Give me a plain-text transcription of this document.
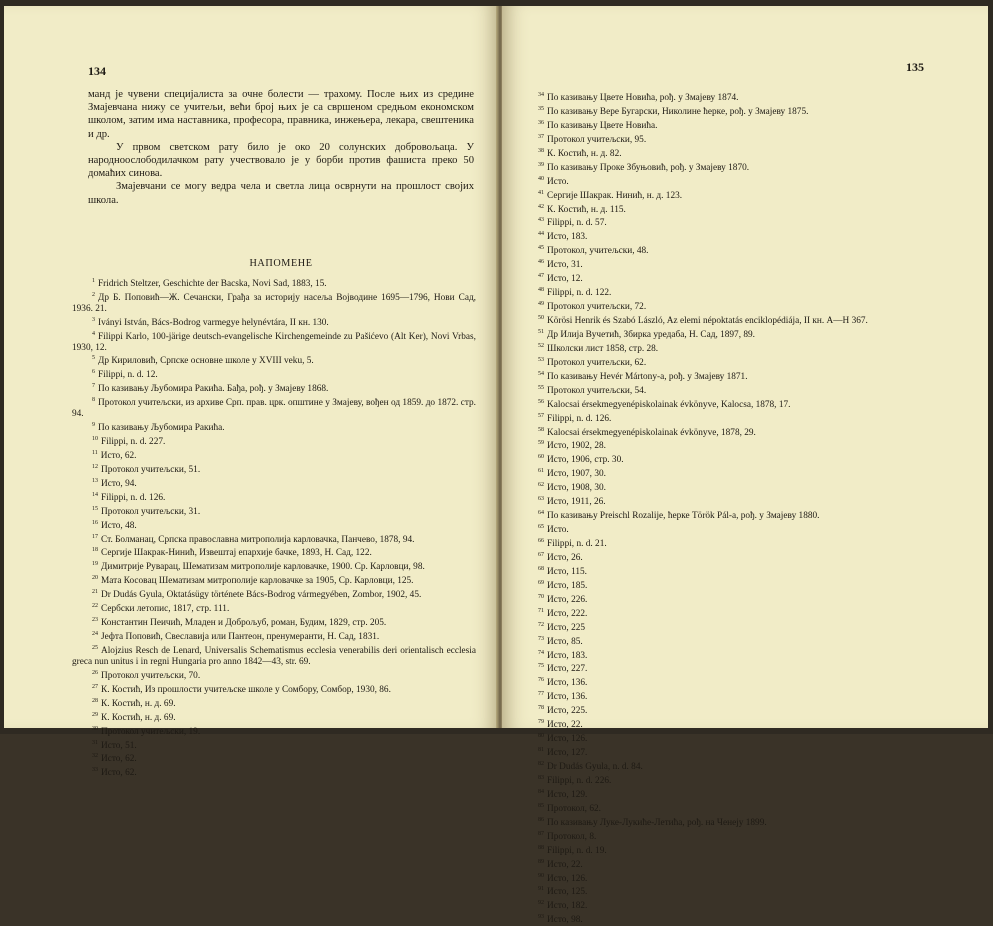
134

манд је чувени специјалиста за очне болести — трахому. После њих из средине Змајевчана нижу се учитељи, већи број њих је са свршеном средњом економском школом, затим има наставника, професора, правника, инжењера, лекара, свештеника и др.

У првом светском рату било је око 20 солунских добровољаца. У народноослободилачком рату учествовало је у борби против фашиста преко 50 домаћих синова.

Змајевчани се могу ведра чела и светла лица осврнути на прошлост својих школа.

НАПОМЕНЕ
$^1$ Fridrich Steltzer, Geschichte der Bacska, Novi Sad, 1883, 15.
$^2$ Др Б. Поповић—Ж. Сечански, Грађа за историју насеља Војводине 1695—1796, Нови Сад, 1936. 21.
$^3$ Iványi István, Bács-Bodrog varmegye helynévtára, II кн. 130.
$^4$ Filippi Karlo, 100-järige deutsch-evangelische Kirchengemeinde zu Pašićevo (Alt Ker), Novi Vrbas, 1930, 12.
$^5$ Др Кириловић, Српске основне школе у XVIII veku, 5.
$^6$ Filippi, n. d. 12.
$^7$ По казивању Љубомира Ракића. Бађа, рођ. у Змајеву 1868.
$^8$ Протокол учитељски, из архиве Срп. прав. црк. општине у Змајеву, вођен од 1859. до 1872. стр. 94.
$^9$ По казивању Љубомира Ракића.
$^{10}$ Filippi, n. d. 227.
$^{11}$ Исто, 62.
$^{12}$ Протокол учитељски, 51.
$^{13}$ Исто, 94.
$^{14}$ Filippi, n. d. 126.
$^{15}$ Протокол учитељски, 31.
$^{16}$ Исто, 48.
$^{17}$ Ст. Болманац, Српска православна митрополија карловачка, Панчево, 1878, 94.
$^{18}$ Сергије Шакрак-Нинић, Извештај епархије бачке, 1893, Н. Сад, 122.
$^{19}$ Димитрије Руварац, Шематизам митрополије карловачке, 1900. Ср. Карловци, 98.
$^{20}$ Мата Косовац Шематизам митрополије карловачке за 1905, Ср. Карловци, 125.
$^{21}$ Dr Dudás Gyula, Oktatásügy története Bács-Bodrog vármegyében, Zombor, 1902, 45.
$^{22}$ Сербски летопис, 1817, стр. 111.
$^{23}$ Константин Пеичић, Младен и Доброљуб, роман, Будим, 1829, стр. 205.
$^{24}$ Јефта Поповић, Свеславија или Пантеон, пренумеранти, Н. Сад, 1831.
$^{25}$ Alojzius Resch de Lenard, Universalis Schematismus ecclesia venerabilis deri orientalisch ecclesia greca nun unitus i in regni Hungaria pro anno 1842—43, str. 69.
$^{26}$ Протокол учитељски, 70.
$^{27}$ К. Костић, Из прошлости учитељске школе у Сомбору, Сомбор, 1930, 86.
$^{28}$ К. Костић, н. д. 69.
$^{29}$ К. Костић, н. д. 69.
$^{30}$ Протокол учитељски, 19.
$^{31}$ Исто, 51.
$^{32}$ Исто, 62.
$^{33}$ Исто, 62.
135
$^{34}$ По казивању Цвете Новића, рођ. у Змајеву 1874.
$^{35}$ По казивању Вере Бугарски, Николине ћерке, рођ. у Змајеву 1875.
$^{36}$ По казивању Цвете Новића.
$^{37}$ Протокол учитељски, 95.
$^{38}$ К. Костић, н. д. 82.
$^{39}$ По казивању Проке Збуњовић, рођ. у Змајеву 1870.
$^{40}$ Исто.
$^{41}$ Сергије Шакрак. Нинић, н. д. 123.
$^{42}$ К. Костић, н. д. 115.
$^{43}$ Filippi, n. d. 57.
$^{44}$ Исто, 183.
$^{45}$ Протокол, учитељски, 48.
$^{46}$ Исто, 31.
$^{47}$ Исто, 12.
$^{48}$ Filippi, n. d. 122.
$^{49}$ Протокол учитељски, 72.
$^{50}$ Körösi Henrik és Szabó László, Az elemi népoktatás enciklopédiája, II кн. А—Н 367.
$^{51}$ Др Илија Вучетић, Збирка уредаба, Н. Сад, 1897, 89.
$^{52}$ Школски лист 1858, стр. 28.
$^{53}$ Протокол учитељски, 62.
$^{54}$ По казивању Hevér Mártony-a, рођ. у Змајеву 1871.
$^{55}$ Протокол учитељски, 54.
$^{56}$ Kalocsai érsekmegyenépiskolainak évkönyve, Kalocsa, 1878, 17.
$^{57}$ Filippi, n. d. 126.
$^{58}$ Kalocsai érsekmegyenépiskolainak évkönyve, 1878, 29.
$^{59}$ Исто, 1902, 28.
$^{60}$ Исто, 1906, стр. 30.
$^{61}$ Исто, 1907, 30.
$^{62}$ Исто, 1908, 30.
$^{63}$ Исто, 1911, 26.
$^{64}$ По казивању Preischl Rozalije, ћерке Török Pál-a, рођ. у Змајеву 1880.
$^{65}$ Исто.
$^{66}$ Filippi, n. d. 21.
$^{67}$ Исто, 26.
$^{68}$ Исто, 115.
$^{69}$ Исто, 185.
$^{70}$ Исто, 226.
$^{71}$ Исто, 222.
$^{72}$ Исто, 225
$^{73}$ Исто, 85.
$^{74}$ Исто, 183.
$^{75}$ Исто, 227.
$^{76}$ Исто, 136.
$^{77}$ Исто, 136.
$^{78}$ Исто, 225.
$^{79}$ Исто, 22.
$^{80}$ Исто, 126.
$^{81}$ Исто, 127.
$^{82}$ Dr Dudás Gyula, n. d. 84.
$^{83}$ Filippi, n. d. 226.
$^{84}$ Исто, 129.
$^{85}$ Протокол, 62.
$^{86}$ По казивању Луке-Лукиће-Летића, рођ. на Ченеју 1899.
$^{87}$ Протокол, 8.
$^{88}$ Filippi, n. d. 19.
$^{89}$ Исто, 22.
$^{90}$ Исто, 126.
$^{91}$ Исто, 125.
$^{92}$ Исто, 182.
$^{93}$ Исто, 98.
